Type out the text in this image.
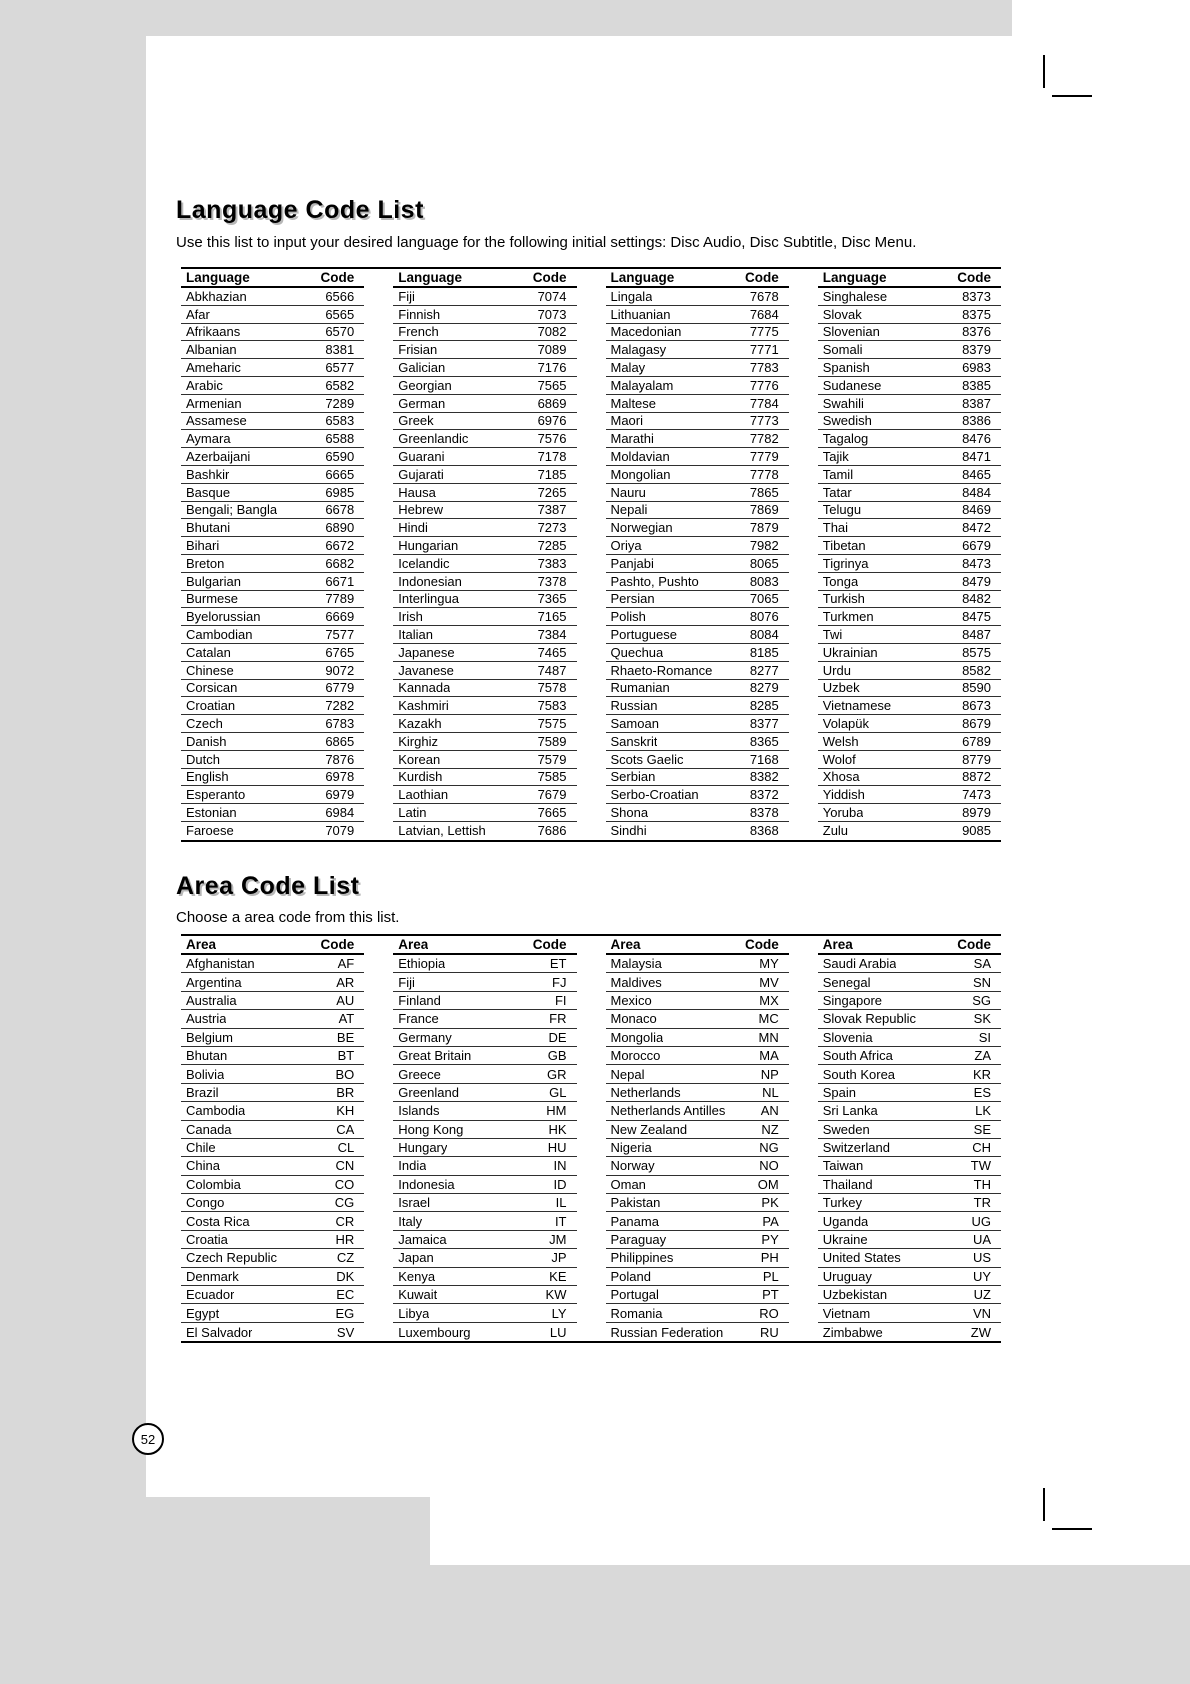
Language Code List

Use this list to input your desired language for the following initial settings: Disc Audio, Disc Subtitle, Disc Menu.

Language	Code
Abkhazian	6566
Afar	6565
Afrikaans	6570
Albanian	8381
Ameharic	6577
Arabic	6582
Armenian	7289
Assamese	6583
Aymara	6588
Azerbaijani	6590
Bashkir	6665
Basque	6985
Bengali; Bangla	6678
Bhutani	6890
Bihari	6672
Breton	6682
Bulgarian	6671
Burmese	7789
Byelorussian	6669
Cambodian	7577
Catalan	6765
Chinese	9072
Corsican	6779
Croatian	7282
Czech	6783
Danish	6865
Dutch	7876
English	6978
Esperanto	6979
Estonian	6984
Faroese	7079
Language	Code
Fiji	7074
Finnish	7073
French	7082
Frisian	7089
Galician	7176
Georgian	7565
German	6869
Greek	6976
Greenlandic	7576
Guarani	7178
Gujarati	7185
Hausa	7265
Hebrew	7387
Hindi	7273
Hungarian	7285
Icelandic	7383
Indonesian	7378
Interlingua	7365
Irish	7165
Italian	7384
Japanese	7465
Javanese	7487
Kannada	7578
Kashmiri	7583
Kazakh	7575
Kirghiz	7589
Korean	7579
Kurdish	7585
Laothian	7679
Latin	7665
Latvian, Lettish	7686
Language	Code
Lingala	7678
Lithuanian	7684
Macedonian	7775
Malagasy	7771
Malay	7783
Malayalam	7776
Maltese	7784
Maori	7773
Marathi	7782
Moldavian	7779
Mongolian	7778
Nauru	7865
Nepali	7869
Norwegian	7879
Oriya	7982
Panjabi	8065
Pashto, Pushto	8083
Persian	7065
Polish	8076
Portuguese	8084
Quechua	8185
Rhaeto-Romance	8277
Rumanian	8279
Russian	8285
Samoan	8377
Sanskrit	8365
Scots Gaelic	7168
Serbian	8382
Serbo-Croatian	8372
Shona	8378
Sindhi	8368
Language	Code
Singhalese	8373
Slovak	8375
Slovenian	8376
Somali	8379
Spanish	6983
Sudanese	8385
Swahili	8387
Swedish	8386
Tagalog	8476
Tajik	8471
Tamil	8465
Tatar	8484
Telugu	8469
Thai	8472
Tibetan	6679
Tigrinya	8473
Tonga	8479
Turkish	8482
Turkmen	8475
Twi	8487
Ukrainian	8575
Urdu	8582
Uzbek	8590
Vietnamese	8673
Volapük	8679
Welsh	6789
Wolof	8779
Xhosa	8872
Yiddish	7473
Yoruba	8979
Zulu	9085
Area Code List

Choose a area code from this list.

Area	Code
Afghanistan	AF
Argentina	AR
Australia	AU
Austria	AT
Belgium	BE
Bhutan	BT
Bolivia	BO
Brazil	BR
Cambodia	KH
Canada	CA
Chile	CL
China	CN
Colombia	CO
Congo	CG
Costa Rica	CR
Croatia	HR
Czech Republic	CZ
Denmark	DK
Ecuador	EC
Egypt	EG
El Salvador	SV
Area	Code
Ethiopia	ET
Fiji	FJ
Finland	FI
France	FR
Germany	DE
Great Britain	GB
Greece	GR
Greenland	GL
Islands	HM
Hong Kong	HK
Hungary	HU
India	IN
Indonesia	ID
Israel	IL
Italy	IT
Jamaica	JM
Japan	JP
Kenya	KE
Kuwait	KW
Libya	LY
Luxembourg	LU
Area	Code
Malaysia	MY
Maldives	MV
Mexico	MX
Monaco	MC
Mongolia	MN
Morocco	MA
Nepal	NP
Netherlands	NL
Netherlands Antilles	AN
New Zealand	NZ
Nigeria	NG
Norway	NO
Oman	OM
Pakistan	PK
Panama	PA
Paraguay	PY
Philippines	PH
Poland	PL
Portugal	PT
Romania	RO
Russian Federation	RU
Area	Code
Saudi Arabia	SA
Senegal	SN
Singapore	SG
Slovak Republic	SK
Slovenia	SI
South Africa	ZA
South Korea	KR
Spain	ES
Sri Lanka	LK
Sweden	SE
Switzerland	CH
Taiwan	TW
Thailand	TH
Turkey	TR
Uganda	UG
Ukraine	UA
United States	US
Uruguay	UY
Uzbekistan	UZ
Vietnam	VN
Zimbabwe	ZW
52
